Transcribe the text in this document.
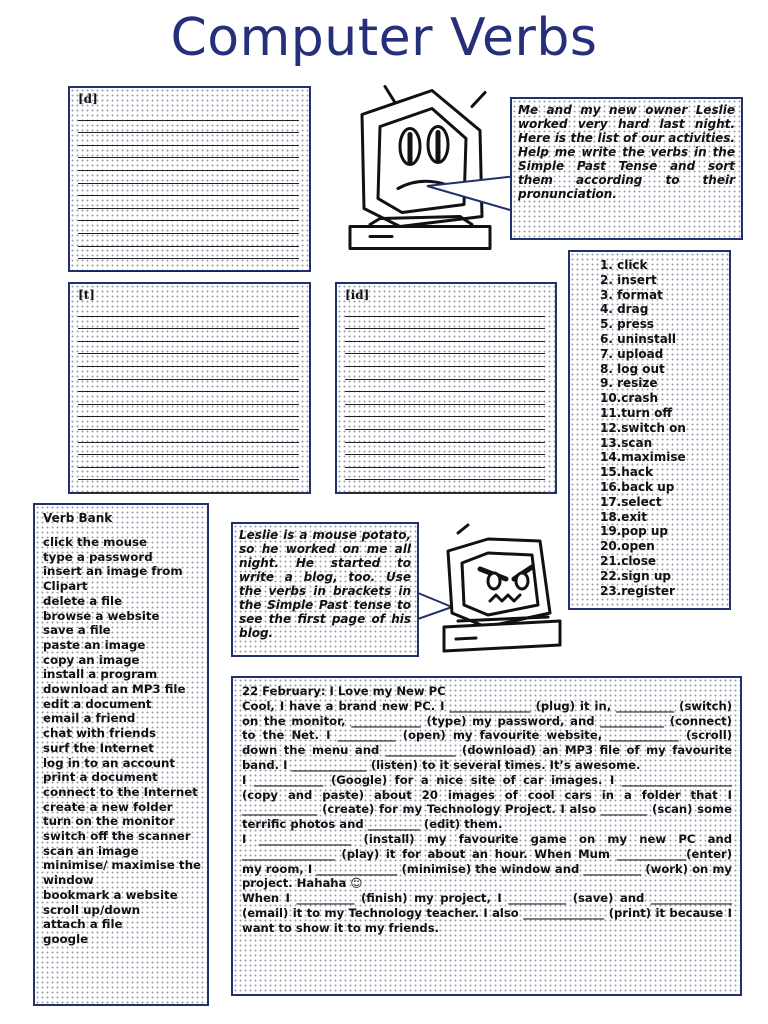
Computer Verbs
[d]
[t]	[id]
Me and my new owner Leslie worked very hard last night. Here is the list of our activities. Help me write the verbs in the Simple Past Tense and sort them according to their pronunciation.
1. click
2. insert
3. format
4. drag
5. press
6. uninstall
7. upload
8. log out
9. resize
10.crash
11.turn off
12.switch on
13.scan
14.maximise
15.hack
16.back up
17.select
18.exit
19.pop up
20.open
21.close
22.sign up
23.register
Verb Bank
click the mouse
type a password
insert an image from Clipart
delete a file
browse a website
save a file
paste an image
copy an image
install a program
download an MP3 file
edit a document
email a friend
chat with friends
surf the Internet
log in to an account
print a document
connect to the Internet
create a new folder
turn on the monitor
switch off the scanner
scan an image
minimise/ maximise the window
bookmark a website
scroll up/down
attach a file
google
Leslie is a mouse potato, so he worked on me all night. He started to write a blog, too. Use the verbs in brackets in the Simple Past tense to see the first page of his blog.

22 February: I Love my New PC

Cool, I have a brand new PC. I ______________ (plug) it in, __________ (switch) on the monitor, ____________ (type) my password, and ___________ (connect) to the Net. I __________ (open) my favourite website, ____________ (scroll) down the menu and ____________ (download) an MP3 file of my favourite band. I _____________ (listen) to it several times. It’s awesome.

I ____________ (Google) for a nice site of car images. I ___________________ (copy and paste) about 20 images of cool cars in a folder that I _____________ (create) for my Technology Project. I also ________ (scan) some terrific photos and _________ (edit) them.

I ________________ (install) my favourite game on my new PC and ________________ (play) it for about an hour. When Mum ____________(enter) my room, I ______________ (minimise) the window and __________ (work) on my project. Hahaha ☺

When I __________ (finish) my project, I __________ (save) and ______________ (email) it to my Technology teacher. I also ______________ (print) it because I want to show it to my friends.
